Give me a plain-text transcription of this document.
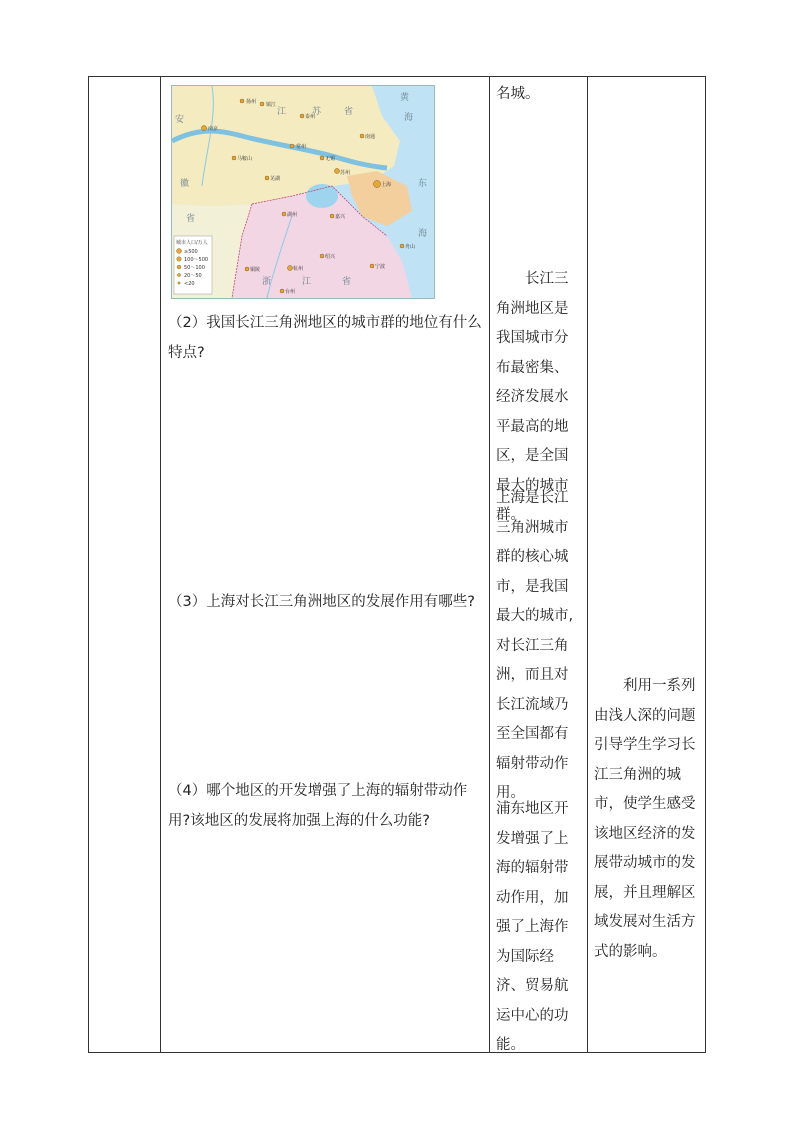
南京
扬州 镇江
常州
无锡
苏州
南通
上海
嘉兴
湖州
杭州
绍兴
宁波
舟山
泰州
马鞍山
芜湖
铜陵
台州
安
徽
省
江	苏	省
浙	江	省
黄
海
东
海
城市人口/万人
≥500
100～500
50～100
20～50
<20
（2）我国长江三角洲地区的城市群的地位有什么特点?
（3）上海对长江三角洲地区的发展作用有哪些?
（4）哪个地区的开发增强了上海的辐射带动作用?该地区的发展将加强上海的什么功能?
名城。
长江三角洲地区是我国城市分布最密集、经济发展水平最高的地区，是全国最大的城市群。
上海是长江三角洲城市群的核心城市，是我国最大的城市,对长江三角洲，而且对长江流域乃至全国都有辐射带动作用。
浦东地区开发增强了上海的辐射带动作用，加强了上海作为国际经济、贸易航运中心的功能。
利用一系列由浅人深的问题引导学生学习长江三角洲的城市，使学生感受该地区经济的发展带动城市的发展，并且理解区域发展对生活方式的影响。
